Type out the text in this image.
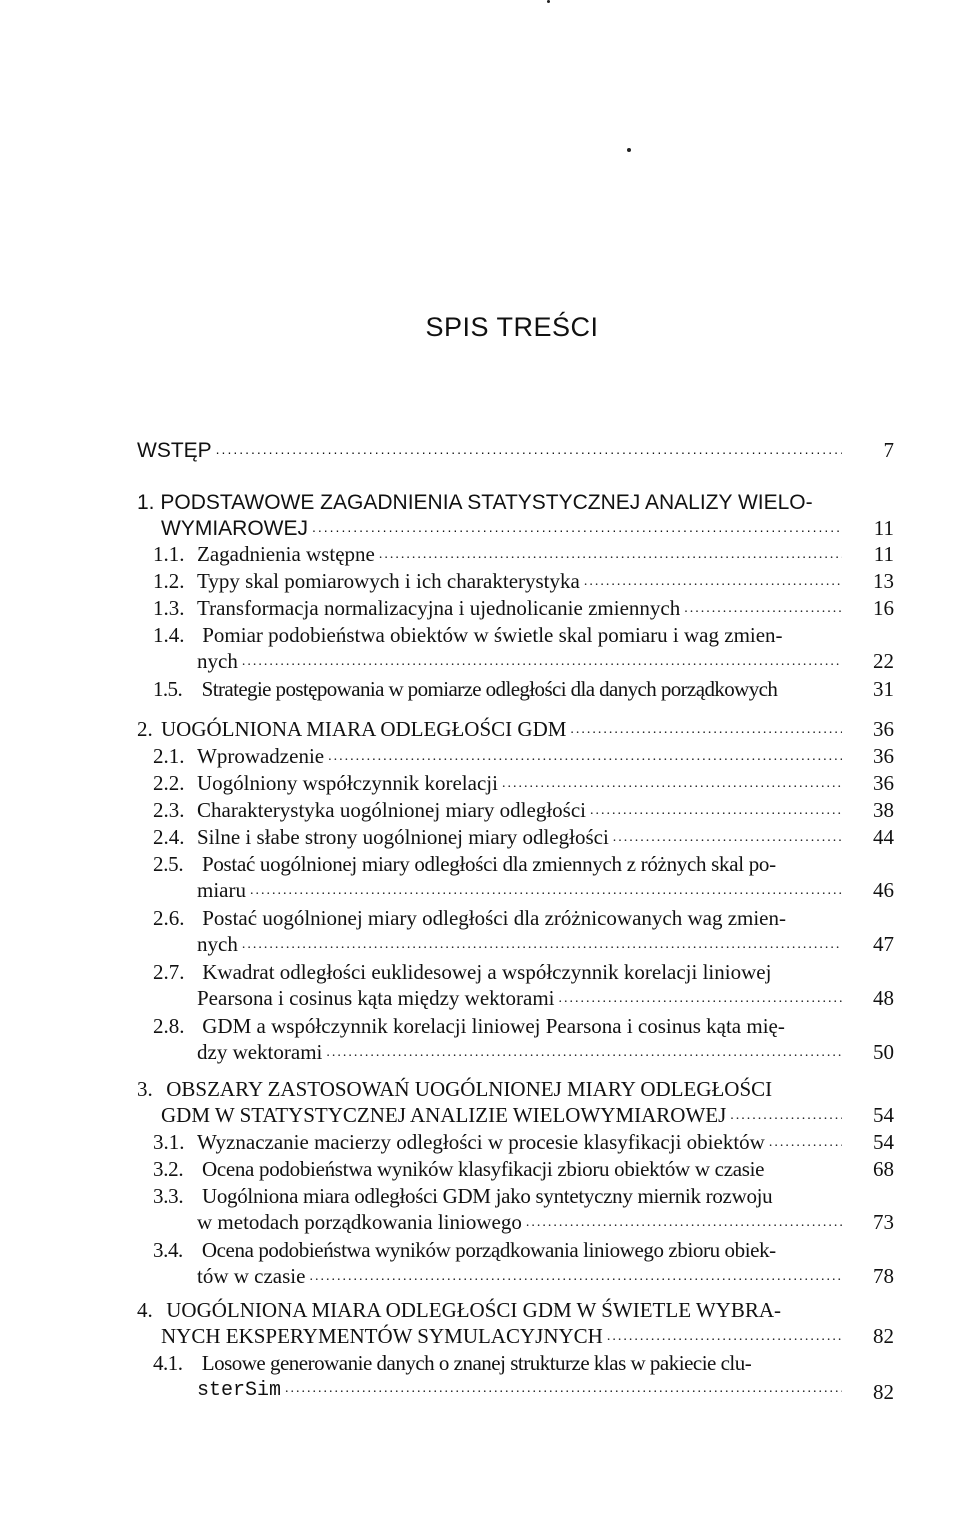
SPIS TREŚCI
WSTĘP .....	7
1. PODSTAWOWE ZAGADNIENIA STATYSTYCZNEJ ANALIZY WIELO-
WYMIAROWEJ .....	11
1.1. Zagadnienia wstępne .....	11
1.2. Typy skal pomiarowych i ich charakterystyka .....	13
1.3. Transformacja normalizacyjna i ujednolicanie zmiennych .....	16
1.4. Pomiar podobieństwa obiektów w świetle skal pomiaru i wag zmien-
nych .....	22
1.5. Strategie postępowania w pomiarze odległości dla danych porządkowych	31
2. UOGÓLNIONA MIARA ODLEGŁOŚCI GDM .....	36
2.1. Wprowadzenie .....	36
2.2. Uogólniony współczynnik korelacji .....	36
2.3. Charakterystyka uogólnionej miary odległości .....	38
2.4. Silne i słabe strony uogólnionej miary odległości .....	44
2.5. Postać uogólnionej miary odległości dla zmiennych z różnych skal po-
miaru .....	46
2.6. Postać uogólnionej miary odległości dla zróżnicowanych wag zmien-
nych .....	47
2.7. Kwadrat odległości euklidesowej a współczynnik korelacji liniowej
Pearsona i cosinus kąta między wektorami .....	48
2.8. GDM a współczynnik korelacji liniowej Pearsona i cosinus kąta mię-
dzy wektorami .....	50
3. OBSZARY ZASTOSOWAŃ UOGÓLNIONEJ MIARY ODLEGŁOŚCI
GDM W STATYSTYCZNEJ ANALIZIE WIELOWYMIAROWEJ .....	54
3.1. Wyznaczanie macierzy odległości w procesie klasyfikacji obiektów .....	54
3.2. Ocena podobieństwa wyników klasyfikacji zbioru obiektów w czasie	68
3.3. Uogólniona miara odległości GDM jako syntetyczny miernik rozwoju
w metodach porządkowania liniowego .....	73
3.4. Ocena podobieństwa wyników porządkowania liniowego zbioru obiek-
tów w czasie .....	78
4. UOGÓLNIONA MIARA ODLEGŁOŚCI GDM W ŚWIETLE WYBRA-
NYCH EKSPERYMENTÓW SYMULACYJNYCH .....	82
4.1. Losowe generowanie danych o znanej strukturze klas w pakiecie clu-
sterSim .....	82
